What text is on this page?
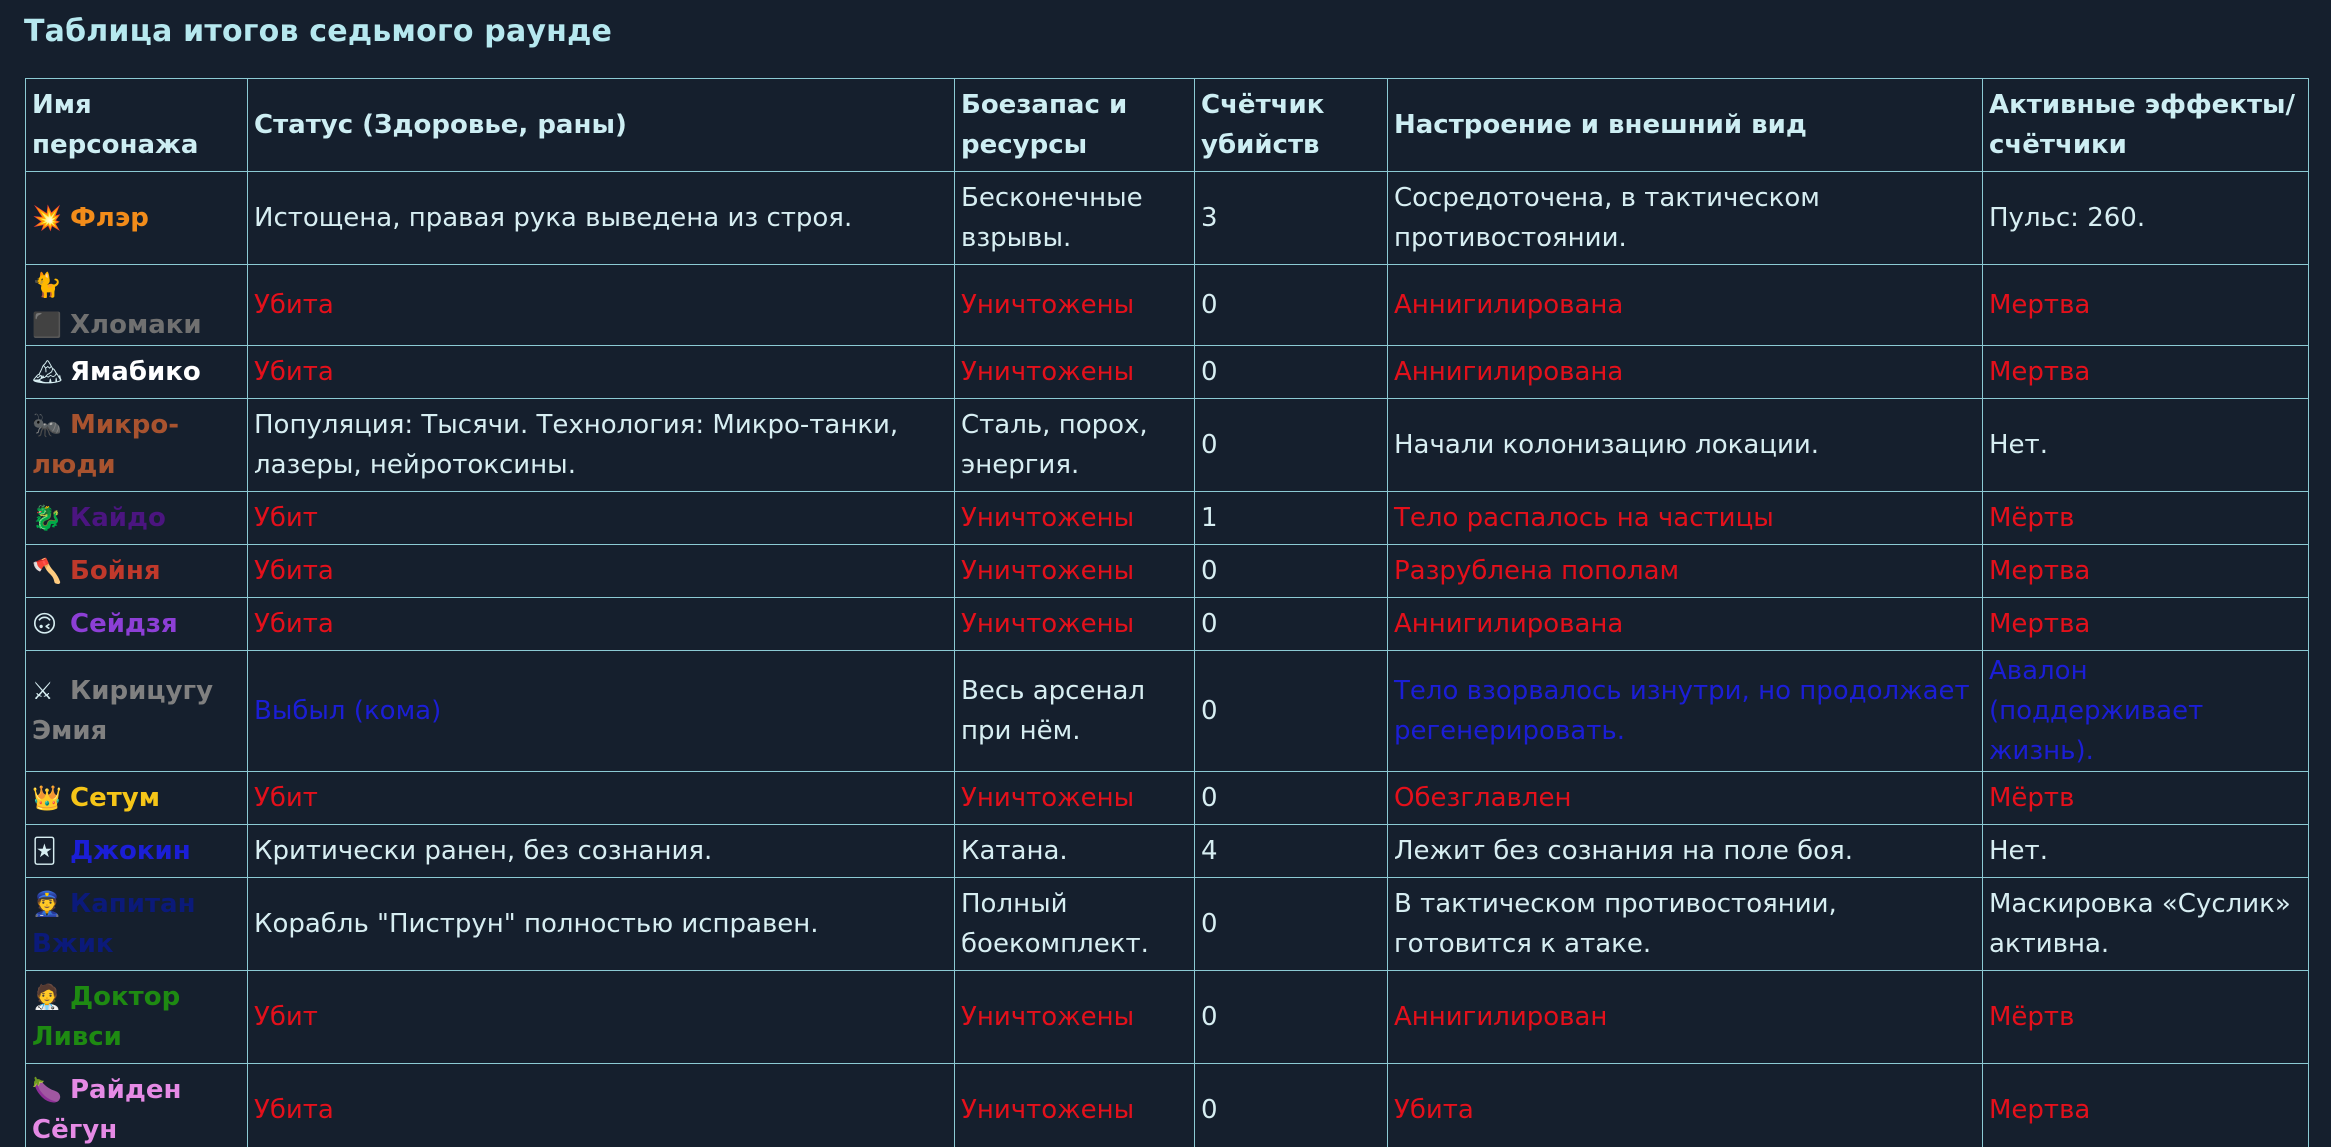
Таблица итогов седьмого раунде
Имя персонажа	Статус (Здоровье, раны)	Боезапас и ресурсы	Счётчик убийств	Настроение и внешний вид	Активные эффекты/ счётчики
💥 Флэр	Истощена, правая рука выведена из строя.	Бесконечные взрывы.	3	Сосредоточена, в тактическом противостоянии.	Пульс: 260.
🐈⬛ Хломаки	Убита	Уничтожены	0	Аннигилирована	Мертва
🏔 Ямабико	Убита	Уничтожены	0	Аннигилирована	Мертва
🐜 Микро-люди	Популяция: Тысячи. Технология: Микро-танки, лазеры, нейротоксины.	Сталь, порох, энергия.	0	Начали колонизацию локации.	Нет.
🐉 Кайдо	Убит	Уничтожены	1	Тело распалось на частицы	Мёртв
🪓 Бойня	Убита	Уничтожены	0	Разрублена пополам	Мертва
🙃 Сейдзя	Убита	Уничтожены	0	Аннигилирована	Мертва
⚔ Кирицугу Эмия	Выбыл (кома)	Весь арсенал при нём.	0	Тело взорвалось изнутри, но продолжает регенерировать.	Авалон (поддерживает жизнь).
👑 Сетум	Убит	Уничтожены	0	Обезглавлен	Мёртв
🃏 Джокин	Критически ранен, без сознания.	Катана.	4	Лежит без сознания на поле боя.	Нет.
👮 Капитан Вжик	Корабль "Пиструн" полностью исправен.	Полный боекомплект.	0	В тактическом противостоянии, готовится к атаке.	Маскировка «Суслик» активна.
🧑‍⚕️ Доктор Ливси	Убит	Уничтожены	0	Аннигилирован	Мёртв
🍆 Райден Сёгун	Убита	Уничтожены	0	Убита	Мертва
